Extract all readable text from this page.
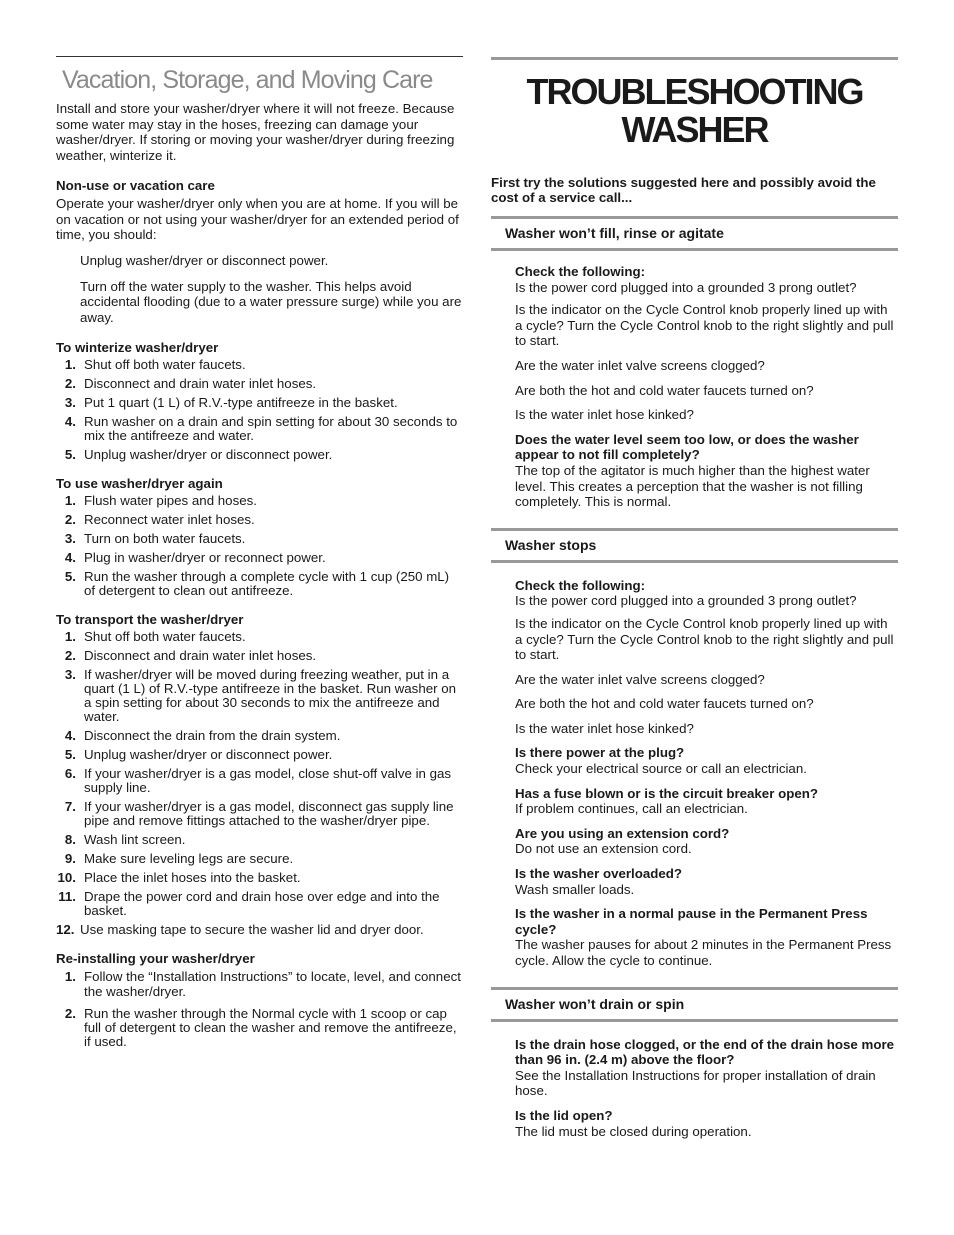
Vacation, Storage, and Moving Care

Install and store your washer/dryer where it will not freeze. Because some water may stay in the hoses, freezing can damage your washer/dryer. If storing or moving your washer/dryer during freezing weather, winterize it.

Non-use or vacation care

Operate your washer/dryer only when you are at home. If you will be on vacation or not using your washer/dryer for an extended period of time, you should:

Unplug washer/dryer or disconnect power.

Turn off the water supply to the washer. This helps avoid accidental flooding (due to a water pressure surge) while you are away.

To winterize washer/dryer
1. Shut off both water faucets.
2. Disconnect and drain water inlet hoses.
3. Put 1 quart (1 L) of R.V.-type antifreeze in the basket.
4. Run washer on a drain and spin setting for about 30 seconds to mix the antifreeze and water.
5. Unplug washer/dryer or disconnect power.
To use washer/dryer again
1. Flush water pipes and hoses.
2. Reconnect water inlet hoses.
3. Turn on both water faucets.
4. Plug in washer/dryer or reconnect power.
5. Run the washer through a complete cycle with 1 cup (250 mL) of detergent to clean out antifreeze.
To transport the washer/dryer
1. Shut off both water faucets.
2. Disconnect and drain water inlet hoses.
3. If washer/dryer will be moved during freezing weather, put in a quart (1 L) of R.V.-type antifreeze in the basket. Run washer on a spin setting for about 30 seconds to mix the antifreeze and water.
4. Disconnect the drain from the drain system.
5. Unplug washer/dryer or disconnect power.
6. If your washer/dryer is a gas model, close shut-off valve in gas supply line.
7. If your washer/dryer is a gas model, disconnect gas supply line pipe and remove fittings attached to the washer/dryer pipe.
8. Wash lint screen.
9. Make sure leveling legs are secure.
10. Place the inlet hoses into the basket.
11. Drape the power cord and drain hose over edge and into the basket.
12. Use masking tape to secure the washer lid and dryer door.
Re-installing your washer/dryer
1. Follow the “Installation Instructions” to locate, level, and connect the washer/dryer.
2. Run the washer through the Normal cycle with 1 scoop or cap full of detergent to clean the washer and remove the antifreeze, if used.
TROUBLESHOOTING
WASHER

First try the solutions suggested here and possibly avoid the cost of a service call...

Washer won’t fill, rinse or agitate
Check the following:
Is the power cord plugged into a grounded 3 prong outlet?
Is the indicator on the Cycle Control knob properly lined up with a cycle? Turn the Cycle Control knob to the right slightly and pull to start.
Are the water inlet valve screens clogged?
Are both the hot and cold water faucets turned on?
Is the water inlet hose kinked?
Does the water level seem too low, or does the washer appear to not fill completely?
The top of the agitator is much higher than the highest water level. This creates a perception that the washer is not filling completely. This is normal.
Washer stops
Check the following:
Is the power cord plugged into a grounded 3 prong outlet?
Is the indicator on the Cycle Control knob properly lined up with a cycle? Turn the Cycle Control knob to the right slightly and pull to start.
Are the water inlet valve screens clogged?
Are both the hot and cold water faucets turned on?
Is the water inlet hose kinked?
Is there power at the plug?
Check your electrical source or call an electrician.
Has a fuse blown or is the circuit breaker open?
If problem continues, call an electrician.
Are you using an extension cord?
Do not use an extension cord.
Is the washer overloaded?
Wash smaller loads.
Is the washer in a normal pause in the Permanent Press cycle?
The washer pauses for about 2 minutes in the Permanent Press cycle. Allow the cycle to continue.
Washer won’t drain or spin
Is the drain hose clogged, or the end of the drain hose more than 96 in. (2.4 m) above the floor?
See the Installation Instructions for proper installation of drain hose.
Is the lid open?
The lid must be closed during operation.
